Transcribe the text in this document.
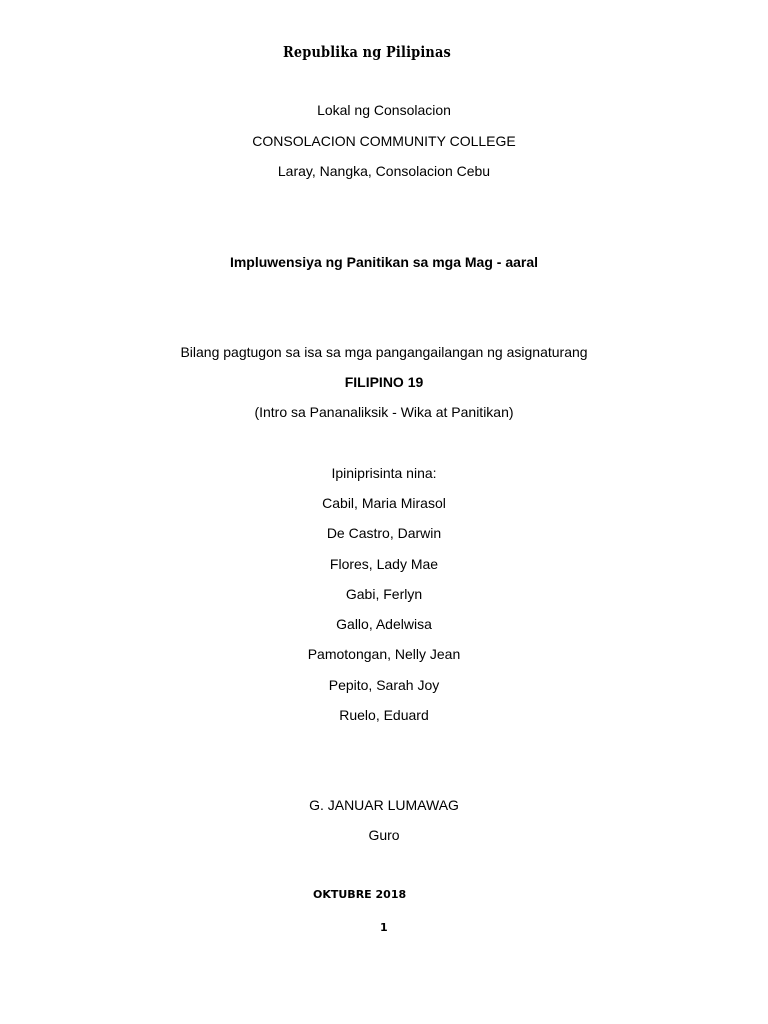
Republika ng Pilipinas
Lokal ng Consolacion
CONSOLACION COMMUNITY COLLEGE
Laray, Nangka, Consolacion Cebu
Impluwensiya ng Panitikan sa mga Mag - aaral
Bilang pagtugon sa isa sa mga pangangailangan ng asignaturang
FILIPINO 19
(Intro sa Pananaliksik - Wika at Panitikan)
Ipiniprisinta nina:
Cabil, Maria Mirasol
De Castro, Darwin
Flores, Lady Mae
Gabi, Ferlyn
Gallo, Adelwisa
Pamotongan, Nelly Jean
Pepito, Sarah Joy
Ruelo, Eduard
G. JANUAR LUMAWAG
Guro
OKTUBRE 2018
1
